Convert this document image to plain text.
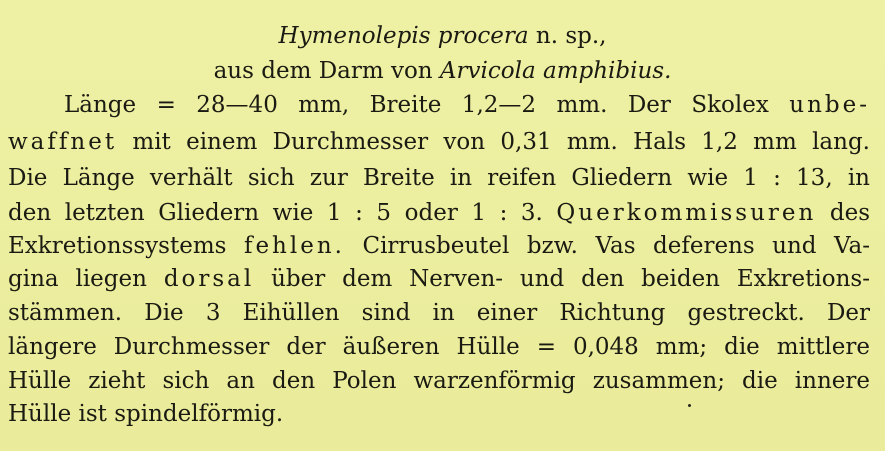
Hymenolepis procera n. sp.,
aus dem Darm von Arvicola amphibius.
Länge = 28—40 mm, Breite 1,2—2 mm. Der Skolex unbe-
waffnet mit einem Durchmesser von 0,31 mm. Hals 1,2 mm lang.
Die Länge verhält sich zur Breite in reifen Gliedern wie 1 : 13, in
den letzten Gliedern wie 1 : 5 oder 1 : 3. Querkommissuren des
Exkretionssystems fehlen. Cirrusbeutel bzw. Vas deferens und Va-
gina liegen dorsal über dem Nerven- und den beiden Exkretions-
stämmen. Die 3 Eihüllen sind in einer Richtung gestreckt. Der
längere Durchmesser der äußeren Hülle = 0,048 mm; die mittlere
Hülle zieht sich an den Polen warzenförmig zusammen; die innere
Hülle ist spindelförmig.
